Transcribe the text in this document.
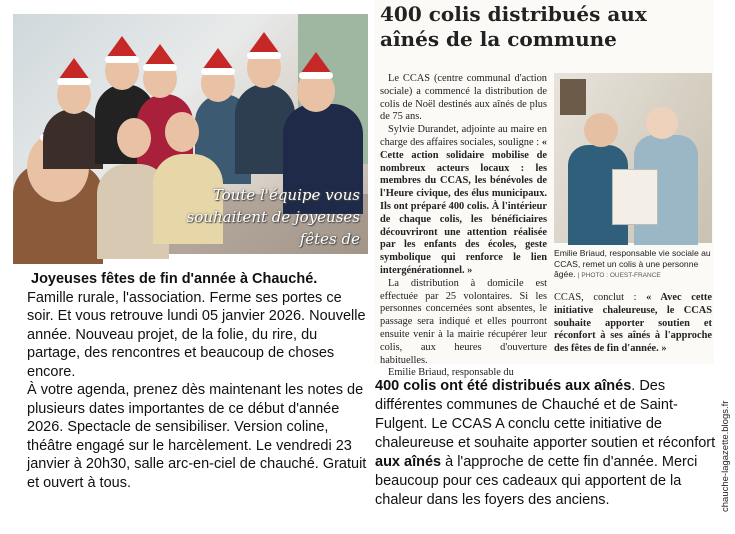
Toute l'équipe vous souhaitent de joyeuses fêtes de
Joyeuses fêtes de fin d'année à Chauché.

Famille rurale, l'association. Ferme ses portes ce soir. Et vous retrouve lundi 05 janvier 2026. Nouvelle année. Nouveau projet, de la folie, du rire, du partage, des rencontres et beaucoup de choses encore.

À votre agenda, prenez dès maintenant les notes de plusieurs dates importantes de ce début d'année 2026. Spectacle de sensibiliser. Version coline, théâtre engagé sur le harcèlement. Le vendredi 23 janvier à 20h30, salle arc-en-ciel de chauché. Gratuit et ouvert à tous.

400 colis distribués aux aînés de la commune

Le CCAS (centre communal d'action sociale) a commencé la distribution de colis de Noël destinés aux aînés de plus de 75 ans.

Sylvie Durandet, adjointe au maire en charge des affaires sociales, souligne : « Cette action solidaire mobilise de nombreux acteurs locaux : les membres du CCAS, les bénévoles de l'Heure civique, des élus municipaux. Ils ont préparé 400 colis. À l'intérieur de chaque colis, les bénéficiaires découvriront une attention réalisée par les enfants des écoles, geste symbolique qui renforce le lien intergénérationnel. »

La distribution à domicile est effectuée par 25 volontaires. Si les personnes concernées sont absentes, le passage sera indiqué et elles pourront ensuite venir à la mairie récupérer leur colis, aux heures d'ouverture habituelles.

Emilie Briaud, responsable du

Emilie Briaud, responsable vie sociale au CCAS, remet un colis à une personne âgée. | PHOTO : OUEST-FRANCE
CCAS, conclut : « Avec cette initiative chaleureuse, le CCAS souhaite apporter soutien et réconfort à ses aînés à l'approche des fêtes de fin d'année. »
400 colis ont été distribués aux aînés. Des différentes communes de Chauché et de Saint-Fulgent. Le CCAS A conclu cette initiative de chaleureuse et souhaite apporter soutien et réconfort aux aînés à l'approche de cette fin d'année. Merci beaucoup pour ces cadeaux qui apportent de la chaleur dans les foyers des anciens.	chauche-lagazette.blogs.fr
